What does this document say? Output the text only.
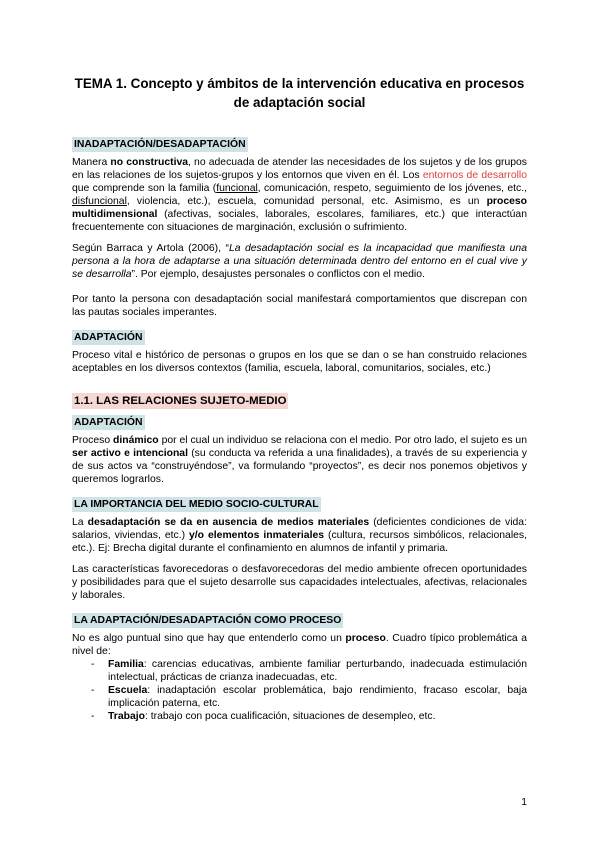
TEMA 1. Concepto y ámbitos de la intervención educativa en procesos de adaptación social
INADAPTACIÓN/DESADAPTACIÓN

Manera no constructiva, no adecuada de atender las necesidades de los sujetos y de los grupos en las relaciones de los sujetos-grupos y los entornos que viven en él. Los entornos de desarrollo que comprende son la familia (funcional, comunicación, respeto, seguimiento de los jóvenes, etc., disfuncional, violencia, etc.), escuela, comunidad personal, etc. Asimismo, es un proceso multidimensional (afectivas, sociales, laborales, escolares, familiares, etc.) que interactúan frecuentemente con situaciones de marginación, exclusión o sufrimiento.

Según Barraca y Artola (2006), “La desadaptación social es la incapacidad que manifiesta una persona a la hora de adaptarse a una situación determinada dentro del entorno en el cual vive y se desarrolla”. Por ejemplo, desajustes personales o conflictos con el medio.

Por tanto la persona con desadaptación social manifestará comportamientos que discrepan con las pautas sociales imperantes.

ADAPTACIÓN

Proceso vital e histórico de personas o grupos en los que se dan o se han construido relaciones aceptables en los diversos contextos (familia, escuela, laboral, comunitarios, sociales, etc.)

1.1. LAS RELACIONES SUJETO-MEDIO
ADAPTACIÓN

Proceso dinámico por el cual un individuo se relaciona con el medio. Por otro lado, el sujeto es un ser activo e intencional (su conducta va referida a una finalidades), a través de su experiencia y de sus actos va “construyéndose”, va formulando “proyectos”, es decir nos ponemos objetivos y queremos lograrlos.

LA IMPORTANCIA DEL MEDIO SOCIO-CULTURAL

La desadaptación se da en ausencia de medios materiales (deficientes condiciones de vida: salarios, viviendas, etc.) y/o elementos inmateriales (cultura, recursos simbólicos, relacionales, etc.). Ej: Brecha digital durante el confinamiento en alumnos de infantil y primaria.

Las características favorecedoras o desfavorecedoras del medio ambiente ofrecen oportunidades y posibilidades para que el sujeto desarrolle sus capacidades intelectuales, afectivas, relacionales y laborales.

LA ADAPTACIÓN/DESADAPTACIÓN COMO PROCESO

No es algo puntual sino que hay que entenderlo como un proceso. Cuadro típico problemática a nivel de:

- Familia: carencias educativas, ambiente familiar perturbando, inadecuada estimulación intelectual, prácticas de crianza inadecuadas, etc.
- Escuela: inadaptación escolar problemática, bajo rendimiento, fracaso escolar, baja implicación paterna, etc.
- Trabajo: trabajo con poca cualificación, situaciones de desempleo, etc.
1
